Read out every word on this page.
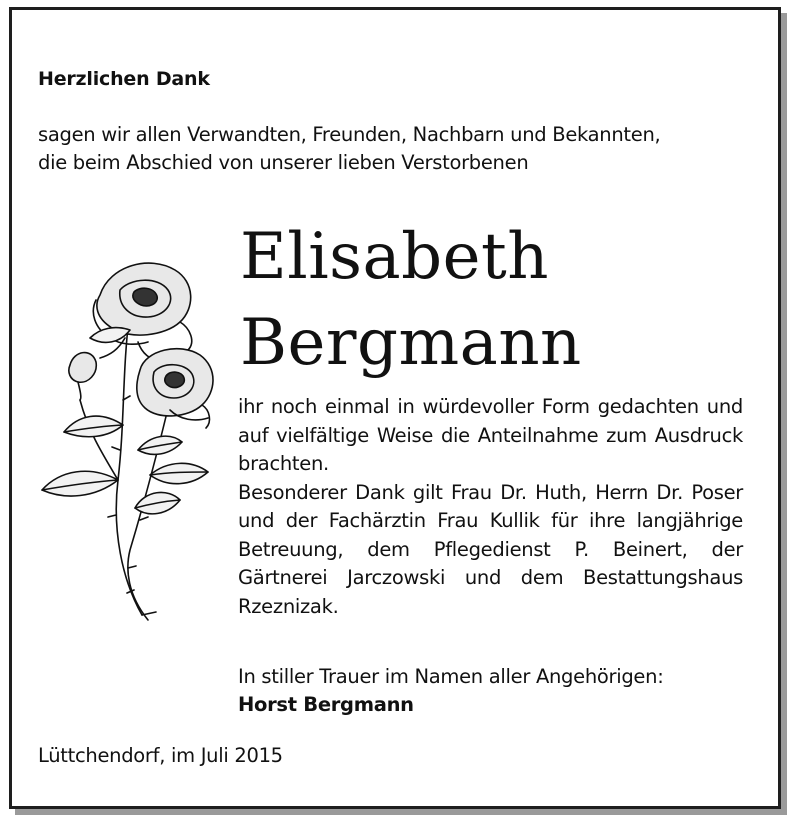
Herzlichen Dank
sagen wir allen Verwandten, Freunden, Nachbarn und Bekannten,
die beim Abschied von unserer lieben Verstorbenen
Elisabeth
Bergmann

ihr noch einmal in würdevoller Form gedachten und auf vielfältige Weise die Anteilnahme zum Ausdruck brachten.

Besonderer Dank gilt Frau Dr. Huth, Herrn Dr. Poser und der Fachärztin Frau Kullik für ihre langjährige Betreuung, dem Pflegedienst P. Beinert, der Gärtnerei Jarczowski und dem Bestattungshaus Rzeznizak.

In stiller Trauer im Namen aller Angehörigen:
Horst Bergmann
Lüttchendorf, im Juli 2015
